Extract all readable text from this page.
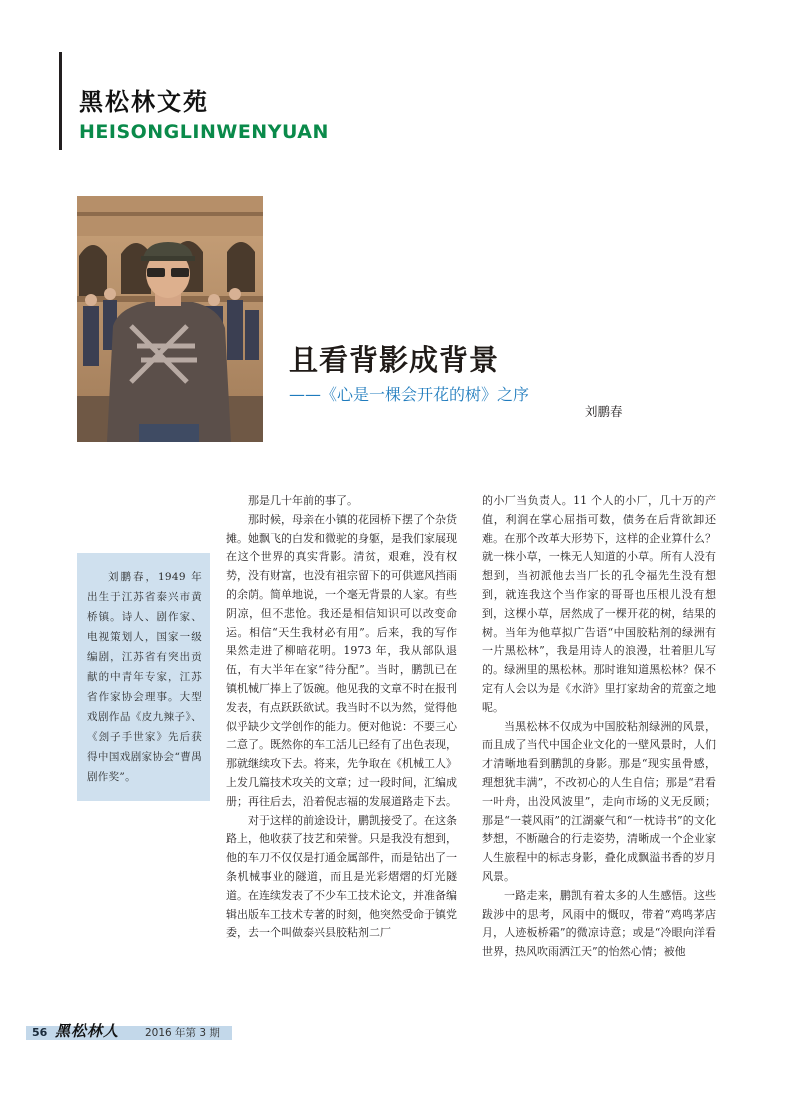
黑松林文苑
HEISONGLINWENYUAN
且看背影成背景
——《心是一棵会开花的树》之序
刘鹏春

刘鹏春，1949 年出生于江苏省泰兴市黄桥镇。诗人、剧作家、电视策划人，国家一级编剧，江苏省有突出贡献的中青年专家，江苏省作家协会理事。大型戏剧作品《皮九辣子》、《刽子手世家》先后获得中国戏剧家协会“曹禺剧作奖”。

那是几十年前的事了。

那时候，母亲在小镇的花园桥下摆了个杂货摊。她飘飞的白发和微驼的身躯，是我们家展现在这个世界的真实背影。清贫，艰难，没有权势，没有财富，也没有祖宗留下的可供遮风挡雨的余荫。简单地说，一个毫无背景的人家。有些阴凉，但不悲怆。我还是相信知识可以改变命运。相信“天生我材必有用”。后来，我的写作果然走进了柳暗花明。1973 年，我从部队退伍，有大半年在家“待分配”。当时，鹏凯已在镇机械厂捧上了饭碗。他见我的文章不时在报刊发表，有点跃跃欲试。我当时不以为然，觉得他似乎缺少文学创作的能力。便对他说：不要三心二意了。既然你的车工活儿已经有了出色表现，那就继续攻下去。将来，先争取在《机械工人》上发几篇技术攻关的文章；过一段时间，汇编成册；再往后去，沿着倪志福的发展道路走下去。

对于这样的前途设计，鹏凯接受了。在这条路上，他收获了技艺和荣誉。只是我没有想到，他的车刀不仅仅是打通金属部件，而是钻出了一条机械事业的隧道，而且是光彩熠熠的灯光隧道。在连续发表了不少车工技术论文，并准备编辑出版车工技术专著的时刻，他突然受命于镇党委，去一个叫做泰兴县胶粘剂二厂

的小厂当负责人。11 个人的小厂，几十万的产值，利润在掌心屈指可数，债务在后背欲卸还难。在那个改革大形势下，这样的企业算什么？就一株小草，一株无人知道的小草。所有人没有想到，当初派他去当厂长的孔令福先生没有想到，就连我这个当作家的哥哥也压根儿没有想到，这棵小草，居然成了一棵开花的树，结果的树。当年为他草拟广告语“中国胶粘剂的绿洲有一片黑松林”，我是用诗人的浪漫，壮着胆儿写的。绿洲里的黑松林。那时谁知道黑松林？保不定有人会以为是《水浒》里打家劫舍的荒蛮之地呢。

当黑松林不仅成为中国胶粘剂绿洲的风景，而且成了当代中国企业文化的一壁风景时，人们才清晰地看到鹏凯的身影。那是“现实虽骨感，理想犹丰满”，不改初心的人生自信；那是“君看一叶舟，出没风波里”，走向市场的义无反顾；那是“一蓑风雨”的江湖豪气和“一枕诗书”的文化梦想，不断融合的行走姿势，清晰成一个企业家人生旅程中的标志身影，叠化成飘溢书香的岁月风景。

一路走来，鹏凯有着太多的人生感悟。这些跋涉中的思考，风雨中的慨叹，带着“鸡鸣茅店月，人迹板桥霜”的微凉诗意；或是“冷眼向洋看世界，热风吹雨洒江天”的怡然心情；被他

56 黑松林人 2016 年第 3 期
